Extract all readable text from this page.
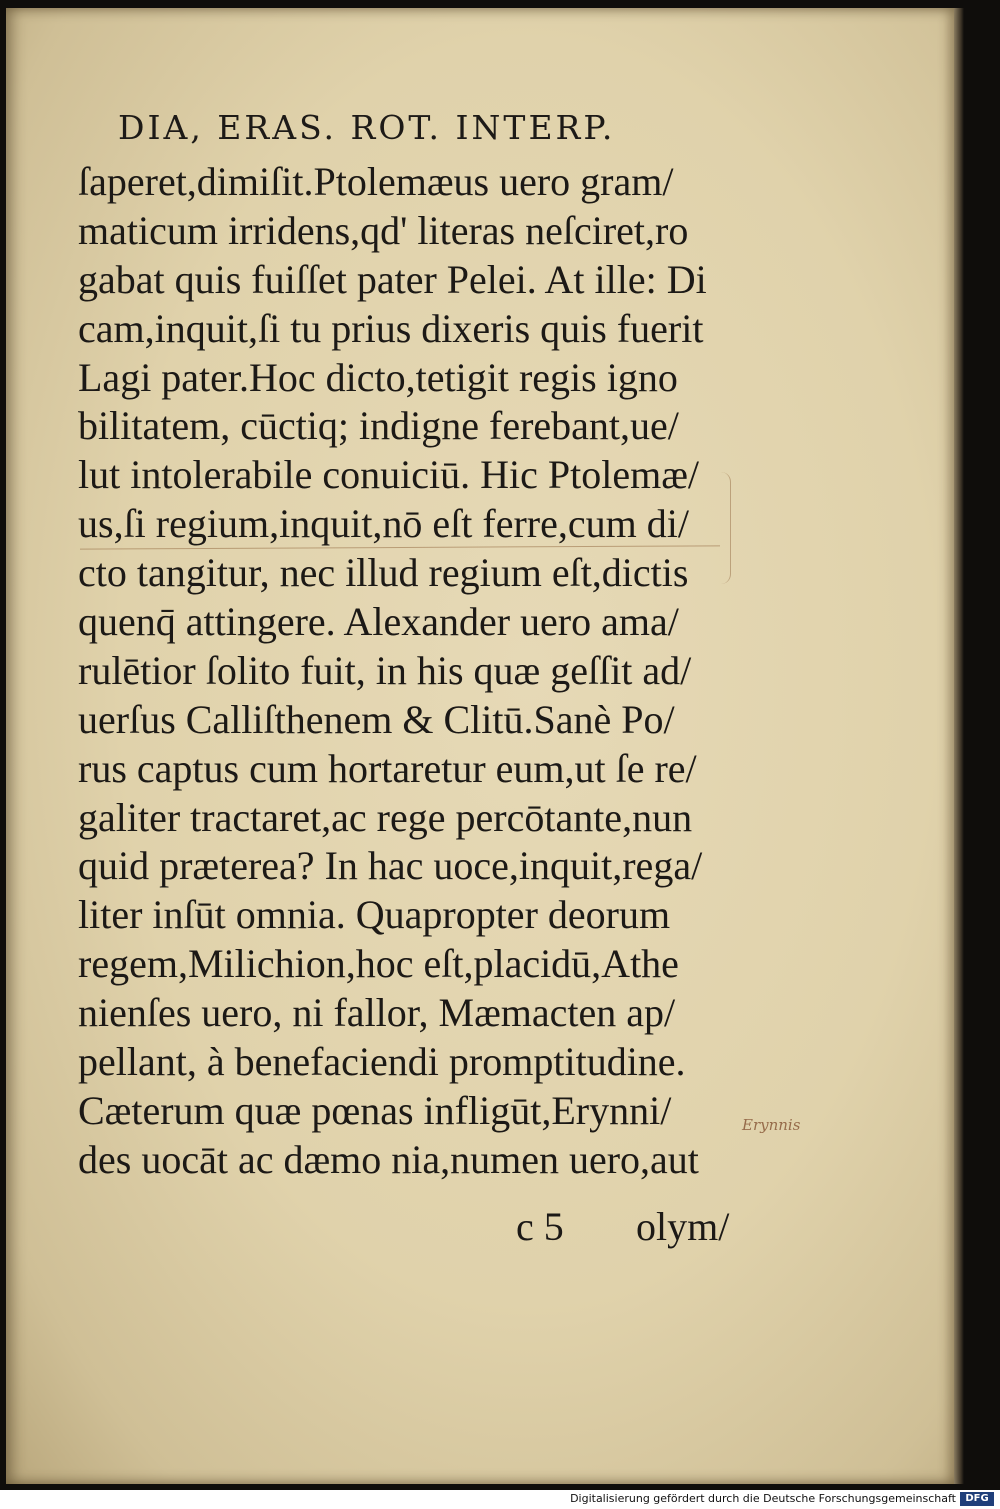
DIA, ERAS. ROT. INTERP.
ſaperet,dimiſit.Ptolemæus uero gram/
maticum irridens,qd' literas neſciret,ro
gabat quis fuiſſet pater Pelei. At ille: Di
cam,inquit,ſi tu prius dixeris quis fuerit
Lagi pater.Hoc dicto,tetigit regis igno
bilitatem, cūctiq; indigne ferebant,ue/
lut intolerabile conuiciū. Hic Ptolemæ/
us,ſi regium,inquit,nō eſt ferre,cum di/
cto tangitur, nec illud regium eſt,dictis
quenq̄ attingere. Alexander uero ama/
rulētior ſolito fuit, in his quæ geſſit ad/
uerſus Calliſthenem & Clitū.Sanè Po/
rus captus cum hortaretur eum,ut ſe re/
galiter tractaret,ac rege percōtante,nun
quid præterea? In hac uoce,inquit,rega/
liter inſūt omnia. Quapropter deorum
regem,Milichion,hoc eſt,placidū,Athe
nienſes uero, ni fallor, Mæmacten ap/
pellant, à benefaciendi promptitudine.
Cæterum quæ pœnas infligūt,Erynni/
des uocāt ac dæmo nia,numen uero,aut
Erynnis
c 5 olym/
Digitalisierung gefördert durch die Deutsche Forschungsgemeinschaft DFG
